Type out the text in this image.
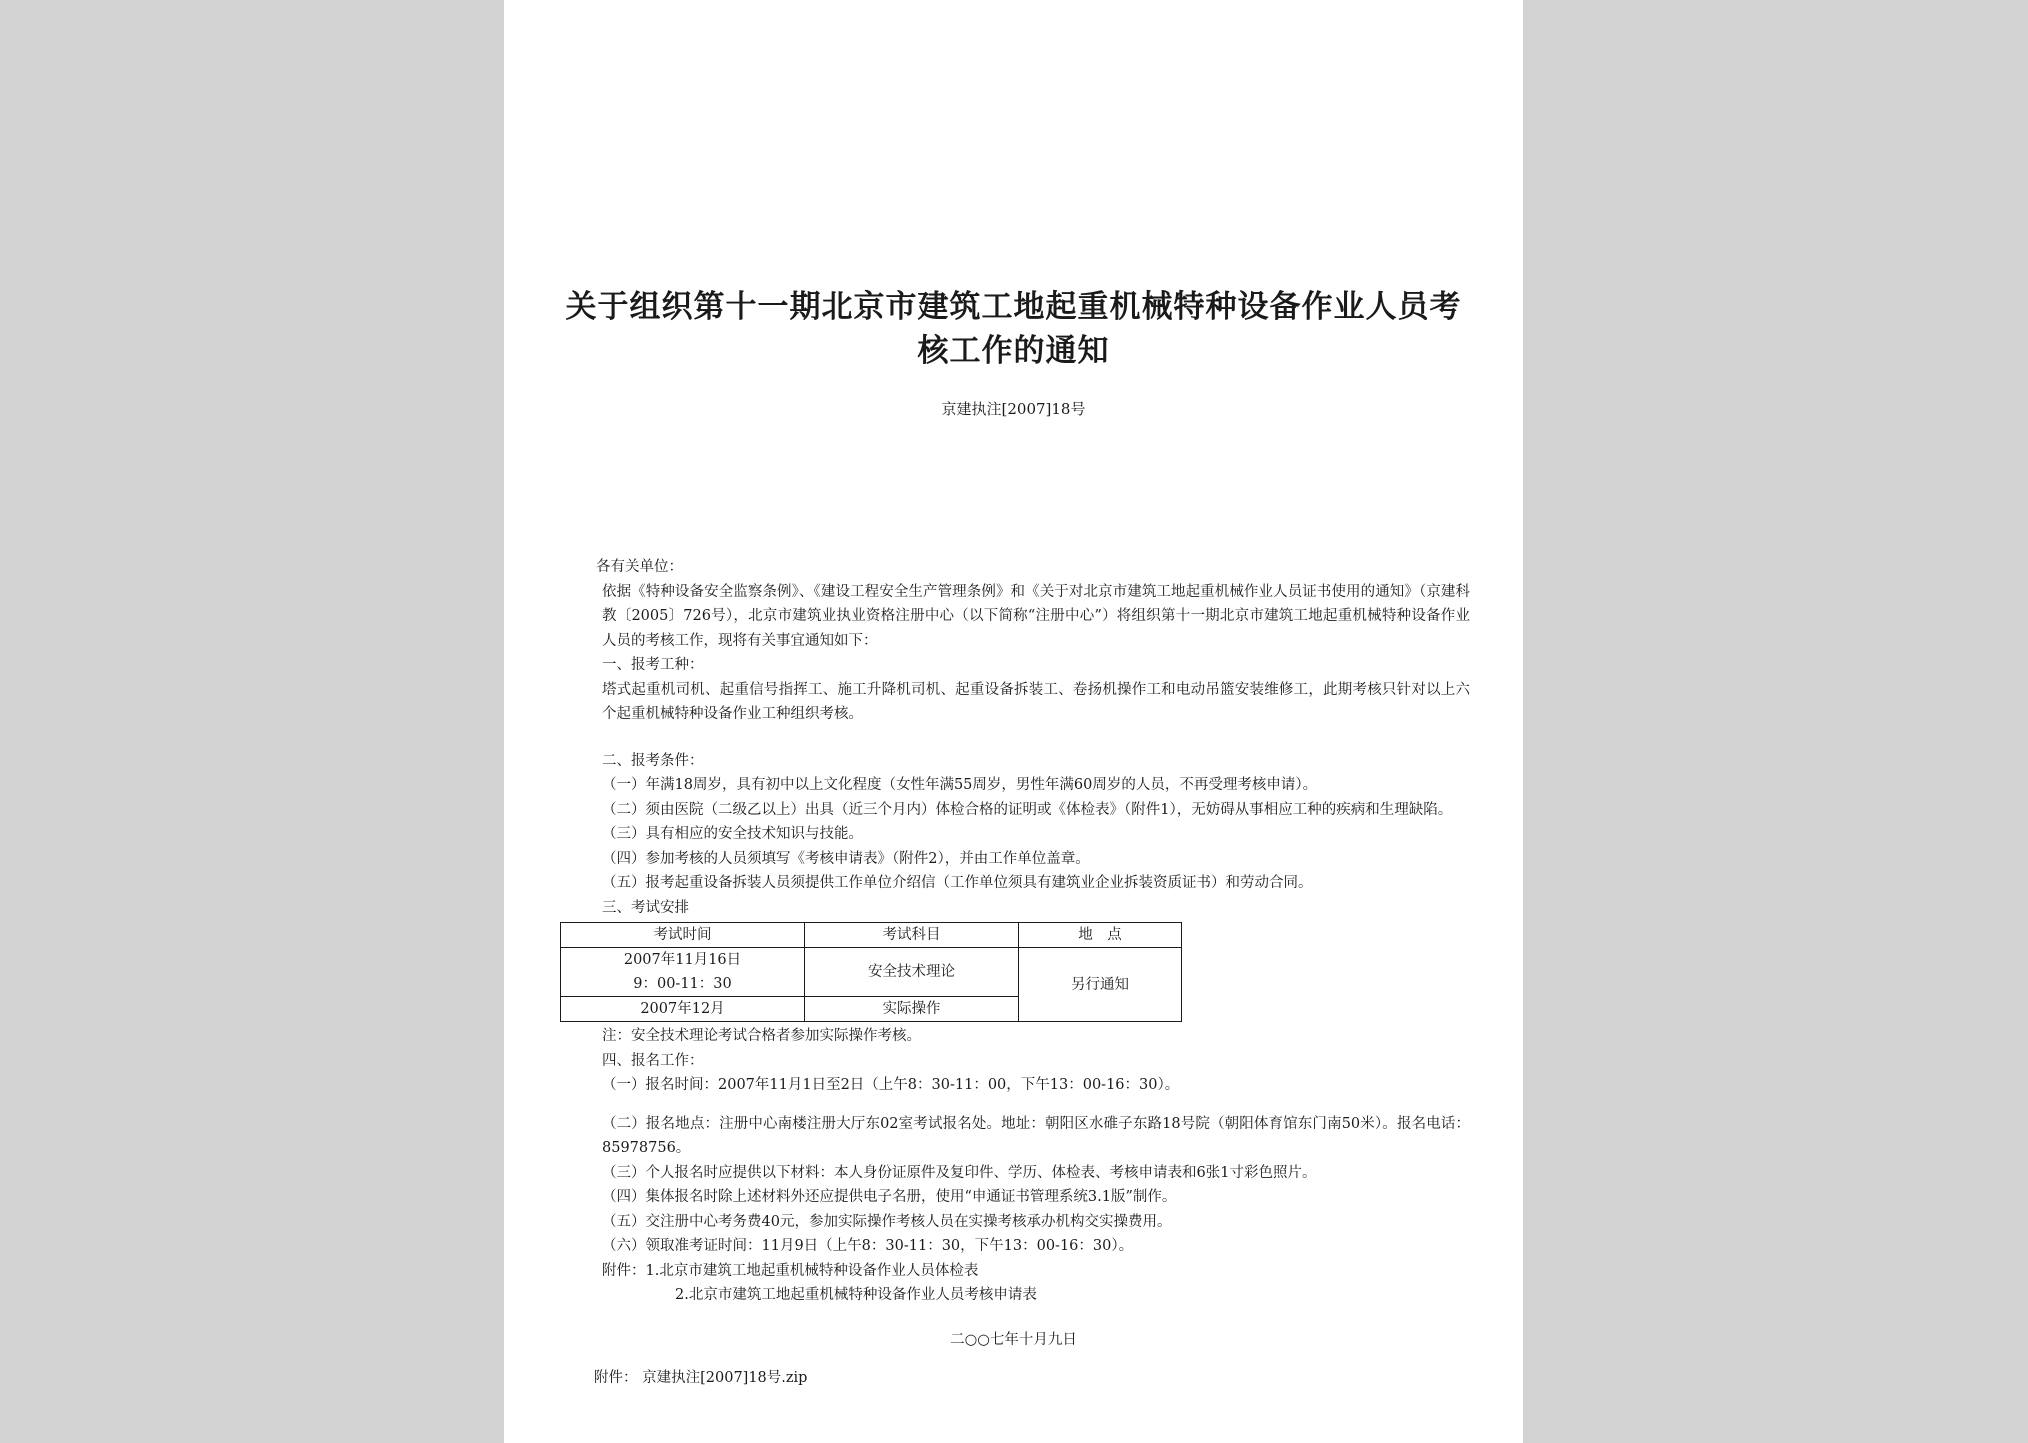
关于组织第十一期北京市建筑工地起重机械特种设备作业人员考核工作的通知
京建执注[2007]18号

各有关单位：

依据《特种设备安全监察条例》、《建设工程安全生产管理条例》和《关于对北京市建筑工地起重机械作业人员证书使用的通知》（京建科教〔2005〕726号），北京市建筑业执业资格注册中心（以下简称“注册中心”）将组织第十一期北京市建筑工地起重机械特种设备作业人员的考核工作，现将有关事宜通知如下：

一、报考工种：

塔式起重机司机、起重信号指挥工、施工升降机司机、起重设备拆装工、卷扬机操作工和电动吊篮安装维修工，此期考核只针对以上六个起重机械特种设备作业工种组织考核。

二、报考条件：

（一）年满18周岁，具有初中以上文化程度（女性年满55周岁，男性年满60周岁的人员，不再受理考核申请）。

（二）须由医院（二级乙以上）出具（近三个月内）体检合格的证明或《体检表》（附件1），无妨碍从事相应工种的疾病和生理缺陷。

（三）具有相应的安全技术知识与技能。

（四）参加考核的人员须填写《考核申请表》（附件2），并由工作单位盖章。

（五）报考起重设备拆装人员须提供工作单位介绍信（工作单位须具有建筑业企业拆装资质证书）和劳动合同。

三、考试安排

考试时间	考试科目	地　点

2007年11月16日
9：00-11：30	安全技术理论	另行通知
2007年12月	实际操作	

注：安全技术理论考试合格者参加实际操作考核。

四、报名工作：

（一）报名时间：2007年11月1日至2日（上午8：30-11：00，下午13：00-16：30）。

（二）报名地点：注册中心南楼注册大厅东02室考试报名处。地址：朝阳区水碓子东路18号院（朝阳体育馆东门南50米）。报名电话：85978756。

（三）个人报名时应提供以下材料：本人身份证原件及复印件、学历、体检表、考核申请表和6张1寸彩色照片。

（四）集体报名时除上述材料外还应提供电子名册，使用“申通证书管理系统3.1版”制作。

（五）交注册中心考务费40元，参加实际操作考核人员在实操考核承办机构交实操费用。

（六）领取准考证时间：11月9日（上午8：30-11：30，下午13：00-16：30）。

附件：1.北京市建筑工地起重机械特种设备作业人员体检表

2.北京市建筑工地起重机械特种设备作业人员考核申请表

二○○七年十月九日
附件： 京建执注[2007]18号.zip
